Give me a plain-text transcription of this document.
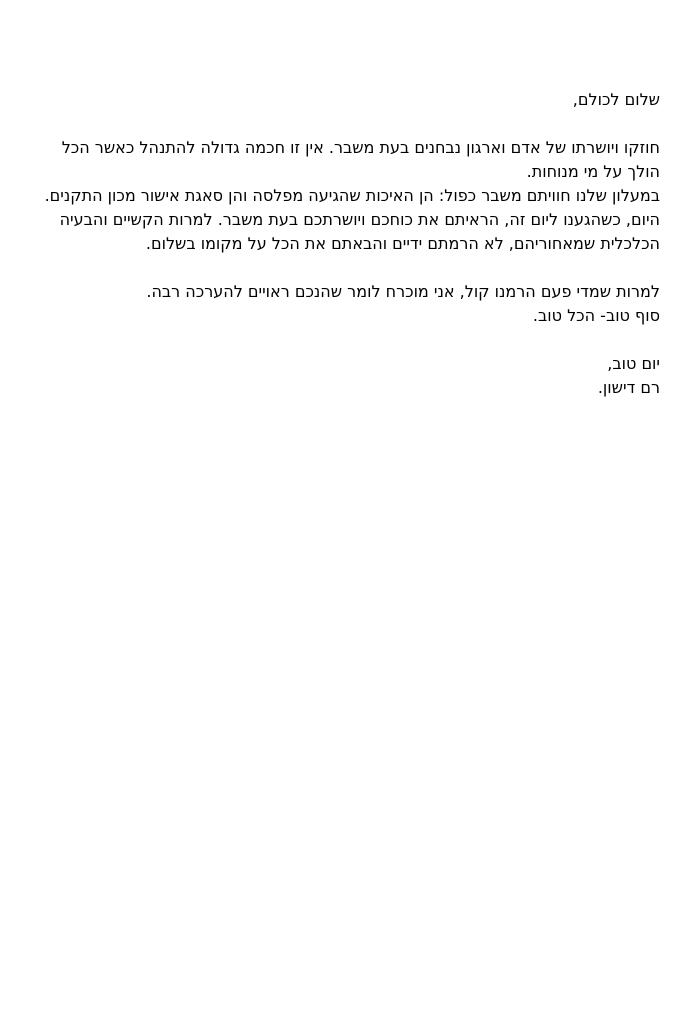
שלום לכולם,

חוזקו ויושרתו של אדם וארגון נבחנים בעת משבר. אין זו חכמה גדולה להתנהל כאשר הכל הולך על מי מנוחות.

במעלון שלנו חוויתם משבר כפול: הן האיכות שהגיעה מפלסה והן סאגת אישור מכון התקנים.

היום, כשהגענו ליום זה, הראיתם את כוחכם ויושרתכם בעת משבר. למרות הקשיים והבעיה הכלכלית שמאחוריהם, לא הרמתם ידיים והבאתם את הכל על מקומו בשלום.

למרות שמדי פעם הרמנו קול, אני מוכרח לומר שהנכם ראויים להערכה רבה.

סוף טוב- הכל טוב.

יום טוב,

רם דישון.
